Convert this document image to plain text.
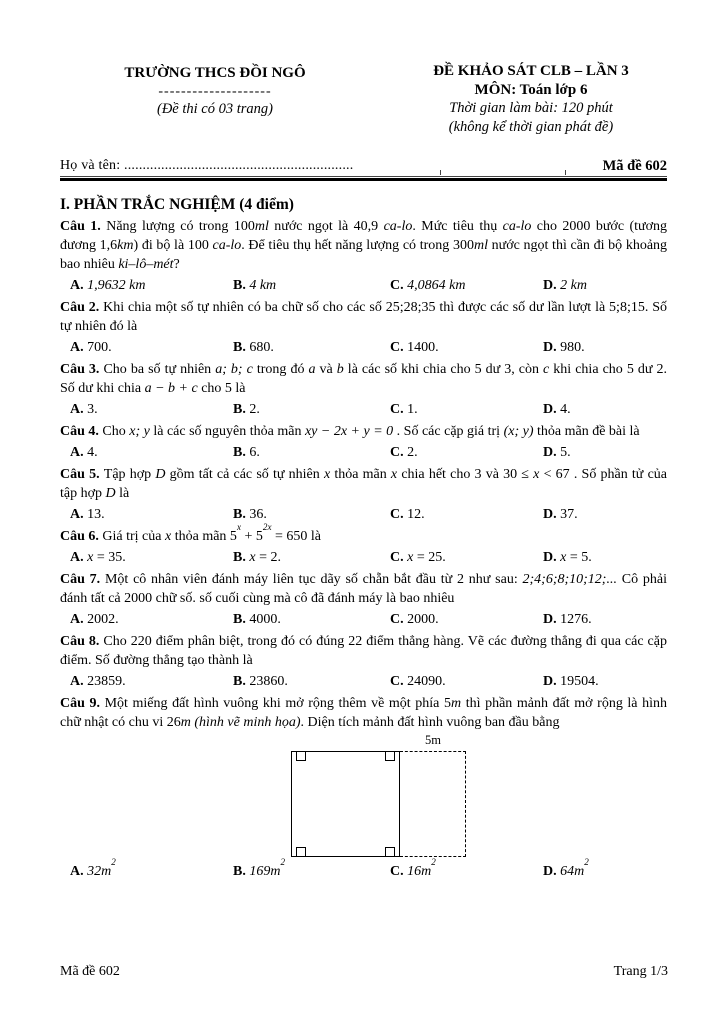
TRƯỜNG THCS ĐỒI NGÔ
--------------------
(Đề thi có 03 trang)
ĐỀ KHẢO SÁT CLB – LẦN 3
MÔN: Toán lớp 6
Thời gian làm bài: 120 phút
(không kể thời gian phát đề)
Họ và tên: ..............................................................	Mã đề 602
I. PHẦN TRẮC NGHIỆM (4 điểm)
Câu 1. Năng lượng có trong 100ml nước ngọt là 40,9 ca-lo. Mức tiêu thụ ca-lo cho 2000 bước (tương đương 1,6km) đi bộ là 100 ca-lo. Để tiêu thụ hết năng lượng có trong 300ml nước ngọt thì cần đi bộ khoảng bao nhiêu ki–lô–mét?
A. 1,9632 km	B. 4 km	C. 4,0864 km	D. 2 km
Câu 2. Khi chia một số tự nhiên có ba chữ số cho các số 25;28;35 thì được các số dư lần lượt là 5;8;15. Số tự nhiên đó là
A. 700.	B. 680.	C. 1400.	D. 980.
Câu 3. Cho ba số tự nhiên a; b; c trong đó a và b là các số khi chia cho 5 dư 3, còn c khi chia cho 5 dư 2. Số dư khi chia a − b + c cho 5 là
A. 3.	B. 2.	C. 1.	D. 4.
Câu 4. Cho x; y là các số nguyên thỏa mãn xy − 2x + y = 0 . Số các cặp giá trị (x; y) thỏa mãn đề bài là
A. 4.	B. 6.	C. 2.	D. 5.
Câu 5. Tập hợp D gồm tất cả các số tự nhiên x thỏa mãn x chia hết cho 3 và 30 ≤ x < 67 . Số phần tử của tập hợp D là
A. 13.	B. 36.	C. 12.	D. 37.
Câu 6. Giá trị của x thỏa mãn $5^x + 5^{2x} = 650$ là
A. x = 35.	B. x = 2.	C. x = 25.	D. x = 5.
Câu 7. Một cô nhân viên đánh máy liên tục dãy số chẵn bắt đầu từ 2 như sau: 2;4;6;8;10;12;... Cô phải đánh tất cả 2000 chữ số. số cuối cùng mà cô đã đánh máy là bao nhiêu
A. 2002.	B. 4000.	C. 2000.	D. 1276.
Câu 8. Cho 220 điểm phân biệt, trong đó có đúng 22 điểm thẳng hàng. Vẽ các đường thẳng đi qua các cặp điểm. Số đường thẳng tạo thành là
A. 23859.	B. 23860.	C. 24090.	D. 19504.
Câu 9. Một miếng đất hình vuông khi mở rộng thêm về một phía 5m thì phần mảnh đất mở rộng là hình chữ nhật có chu vi 26m (hình vẽ minh họa). Diện tích mảnh đất hình vuông ban đầu bằng
5m
A. $32m^2$
B. $169m^2$
C. $16m^2$
D. $64m^2$
Mã đề 602	Trang 1/3
